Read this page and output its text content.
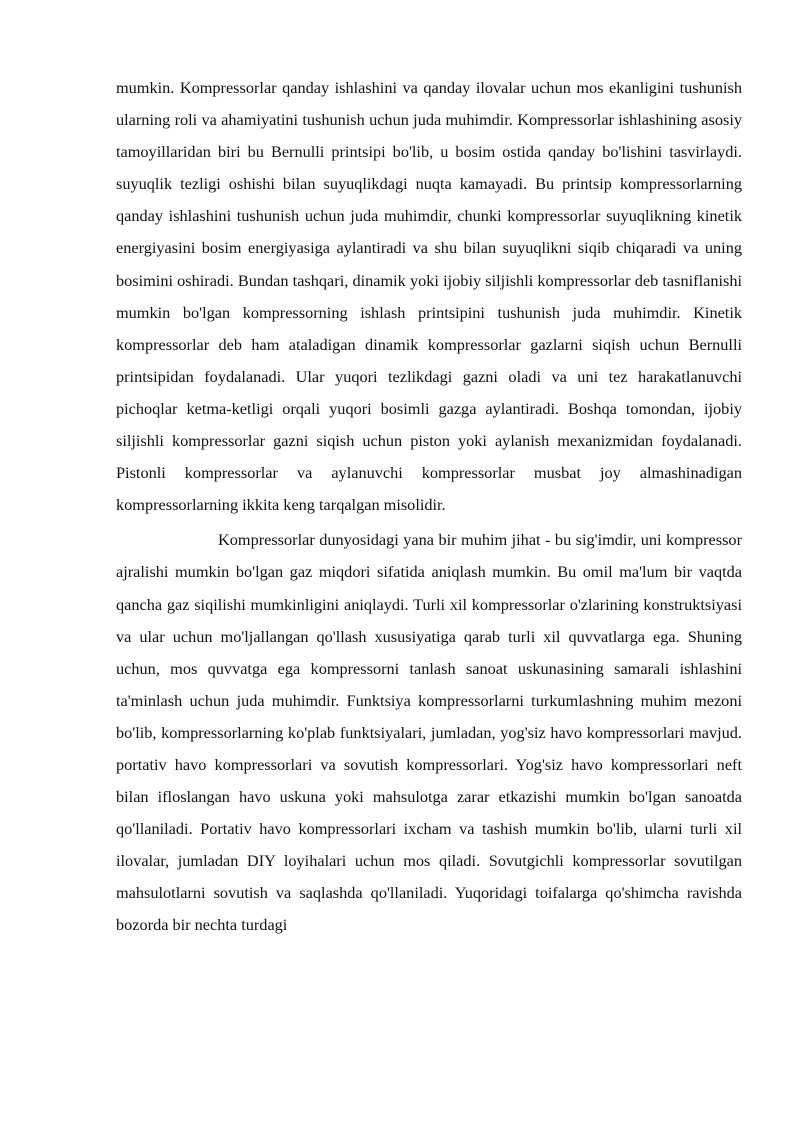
mumkin. Kompressorlar qanday ishlashini va qanday ilovalar uchun mos ekanligini tushunish ularning roli va ahamiyatini tushunish uchun juda muhimdir. Kompressorlar ishlashining asosiy tamoyillaridan biri bu Bernulli printsipi bo'lib, u bosim ostida qanday bo'lishini tasvirlaydi. suyuqlik tezligi oshishi bilan suyuqlikdagi nuqta kamayadi. Bu printsip kompressorlarning qanday ishlashini tushunish uchun juda muhimdir, chunki kompressorlar suyuqlikning kinetik energiyasini bosim energiyasiga aylantiradi va shu bilan suyuqlikni siqib chiqaradi va uning bosimini oshiradi. Bundan tashqari, dinamik yoki ijobiy siljishli kompressorlar deb tasniflanishi mumkin bo'lgan kompressorning ishlash printsipini tushunish juda muhimdir. Kinetik kompressorlar deb ham ataladigan dinamik kompressorlar gazlarni siqish uchun Bernulli printsipidan foydalanadi. Ular yuqori tezlikdagi gazni oladi va uni tez harakatlanuvchi pichoqlar ketma-ketligi orqali yuqori bosimli gazga aylantiradi. Boshqa tomondan, ijobiy siljishli kompressorlar gazni siqish uchun piston yoki aylanish mexanizmidan foydalanadi. Pistonli kompressorlar va aylanuvchi kompressorlar musbat joy almashinadigan kompressorlarning ikkita keng tarqalgan misolidir.

Kompressorlar dunyosidagi yana bir muhim jihat - bu sig'imdir, uni kompressor ajralishi mumkin bo'lgan gaz miqdori sifatida aniqlash mumkin. Bu omil ma'lum bir vaqtda qancha gaz siqilishi mumkinligini aniqlaydi. Turli xil kompressorlar o'zlarining konstruktsiyasi va ular uchun mo'ljallangan qo'llash xususiyatiga qarab turli xil quvvatlarga ega. Shuning uchun, mos quvvatga ega kompressorni tanlash sanoat uskunasining samarali ishlashini ta'minlash uchun juda muhimdir. Funktsiya kompressorlarni turkumlashning muhim mezoni bo'lib, kompressorlarning ko'plab funktsiyalari, jumladan, yog'siz havo kompressorlari mavjud. portativ havo kompressorlari va sovutish kompressorlari. Yog'siz havo kompressorlari neft bilan ifloslangan havo uskuna yoki mahsulotga zarar etkazishi mumkin bo'lgan sanoatda qo'llaniladi. Portativ havo kompressorlari ixcham va tashish mumkin bo'lib, ularni turli xil ilovalar, jumladan DIY loyihalari uchun mos qiladi. Sovutgichli kompressorlar sovutilgan mahsulotlarni sovutish va saqlashda qo'llaniladi. Yuqoridagi toifalarga qo'shimcha ravishda bozorda bir nechta turdagi
